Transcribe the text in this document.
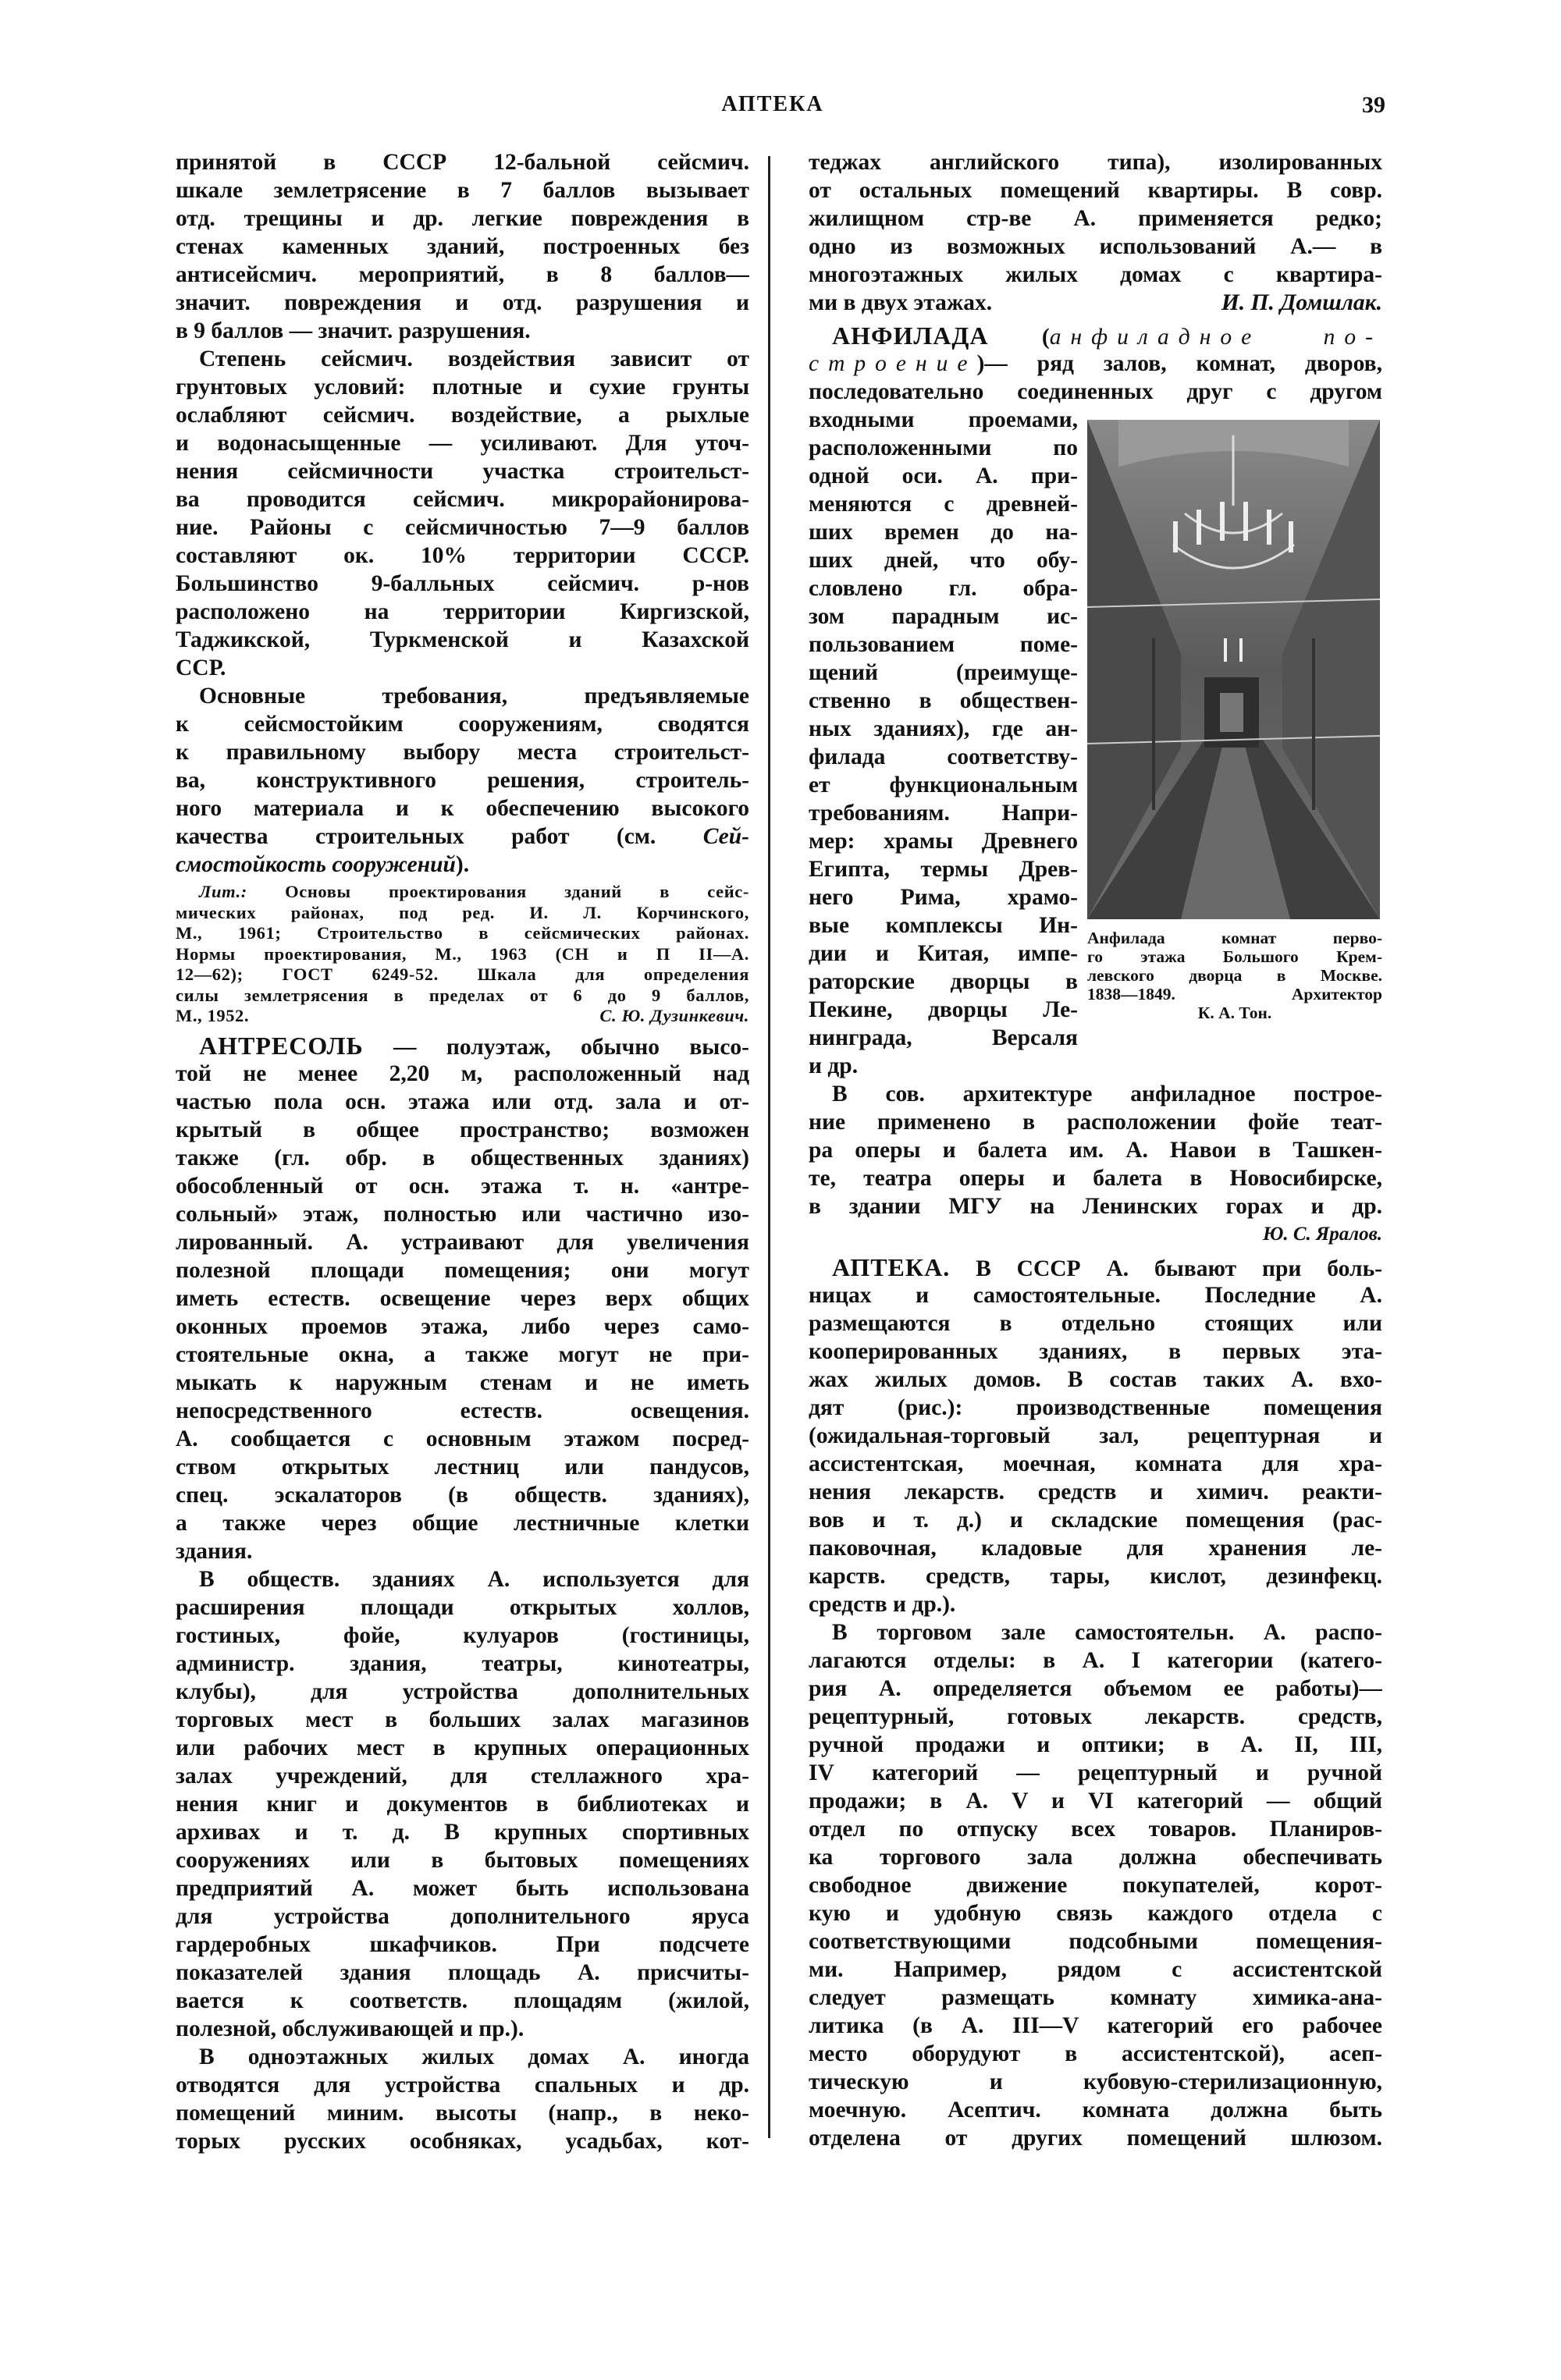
АПТЕКА	39
принятой в СССР 12-бальной сейсмич.
шкале землетрясение в 7 баллов вызывает
отд. трещины и др. легкие повреждения в
стенах каменных зданий, построенных без
антисейсмич. мероприятий, в 8 баллов—
значит. повреждения и отд. разрушения и
в 9 баллов — значит. разрушения.
Степень сейсмич. воздействия зависит от
грунтовых условий: плотные и сухие грунты
ослабляют сейсмич. воздействие, а рыхлые
и водонасыщенные — усиливают. Для уточ-
нения сейсмичности участка строительст-
ва проводится сейсмич. микрорайонирова-
ние. Районы с сейсмичностью 7—9 баллов
составляют ок. 10% территории СССР.
Большинство 9-балльных сейсмич. р-нов
расположено на территории Киргизской,
Таджикской, Туркменской и Казахской
ССР.
Основные требования, предъявляемые
к сейсмостойким сооружениям, сводятся
к правильному выбору места строительст-
ва, конструктивного решения, строитель-
ного материала и к обеспечению высокого
качества строительных работ (см. Сей-
смостойкость сооружений).
Лит.: Основы проектирования зданий в сейс-
мических районах, под ред. И. Л. Корчинского,
М., 1961; Строительство в сейсмических районах.
Нормы проектирования, М., 1963 (СН и П II—А.
12—62); ГОСТ 6249-52. Шкала для определения
силы землетрясения в пределах от 6 до 9 баллов,
М., 1952.	С. Ю. Дузинкевич.
АНТРЕСОЛЬ — полуэтаж, обычно высо-
той не менее 2,20 м, расположенный над
частью пола осн. этажа или отд. зала и от-
крытый в общее пространство; возможен
также (гл. обр. в общественных зданиях)
обособленный от осн. этажа т. н. «антре-
сольный» этаж, полностью или частично изо-
лированный. А. устраивают для увеличения
полезной площади помещения; они могут
иметь естеств. освещение через верх общих
оконных проемов этажа, либо через само-
стоятельные окна, а также могут не при-
мыкать к наружным стенам и не иметь
непосредственного естеств. освещения.
А. сообщается с основным этажом посред-
ством открытых лестниц или пандусов,
спец. эскалаторов (в обществ. зданиях),
а также через общие лестничные клетки
здания.
В обществ. зданиях А. используется для
расширения площади открытых холлов,
гостиных, фойе, кулуаров (гостиницы,
администр. здания, театры, кинотеатры,
клубы), для устройства дополнительных
торговых мест в больших залах магазинов
или рабочих мест в крупных операционных
залах учреждений, для стеллажного хра-
нения книг и документов в библиотеках и
архивах и т. д. В крупных спортивных
сооружениях или в бытовых помещениях
предприятий А. может быть использована
для устройства дополнительного яруса
гардеробных шкафчиков. При подсчете
показателей здания площадь А. присчиты-
вается к соответств. площадям (жилой,
полезной, обслуживающей и пр.).
В одноэтажных жилых домах А. иногда
отводятся для устройства спальных и др.
помещений миним. высоты (напр., в неко-
торых русских особняках, усадьбах, кот-
теджах английского типа), изолированных
от остальных помещений квартиры. В совр.
жилищном стр-ве А. применяется редко;
одно из возможных использований А.— в
многоэтажных жилых домах с квартира-
ми в двух этажах.	И. П. Домшлак.
АНФИЛАДА (анфиладное по-
строение)— ряд залов, комнат, дворов,
последовательно соединенных друг с другом
входными проемами,
расположенными по
одной оси. А. при-
меняются с древней-
ших времен до на-
ших дней, что обу-
словлено гл. обра-
зом парадным ис-
пользованием поме-
щений (преимуще-
ственно в обществен-
ных зданиях), где ан-
филада соответству-
ет функциональным
требованиям. Напри-
мер: храмы Древнего
Египта, термы Древ-
него Рима, храмо-
вые комплексы Ин-
дии и Китая, импе-
раторские дворцы в
Пекине, дворцы Ле-
нинграда, Версаля
и др.
Анфилада комнат перво-
го этажа Большого Крем-
левского дворца в Москве.
1838—1849. Архитектор
К. А. Тон.
В сов. архитектуре анфиладное построе-
ние применено в расположении фойе теат-
ра оперы и балета им. А. Навои в Ташкен-
те, театра оперы и балета в Новосибирске,
в здании МГУ на Ленинских горах и др.
Ю. С. Яралов.
АПТЕКА. В СССР А. бывают при боль-
ницах и самостоятельные. Последние А.
размещаются в отдельно стоящих или
кооперированных зданиях, в первых эта-
жах жилых домов. В состав таких А. вхо-
дят (рис.): производственные помещения
(ожидальная-торговый зал, рецептурная и
ассистентская, моечная, комната для хра-
нения лекарств. средств и химич. реакти-
вов и т. д.) и складские помещения (рас-
паковочная, кладовые для хранения ле-
карств. средств, тары, кислот, дезинфекц.
средств и др.).
В торговом зале самостоятельн. А. распо-
лагаются отделы: в А. I категории (катего-
рия А. определяется объемом ее работы)—
рецептурный, готовых лекарств. средств,
ручной продажи и оптики; в А. II, III,
IV категорий — рецептурный и ручной
продажи; в А. V и VI категорий — общий
отдел по отпуску всех товаров. Планиров-
ка торгового зала должна обеспечивать
свободное движение покупателей, корот-
кую и удобную связь каждого отдела с
соответствующими подсобными помещения-
ми. Например, рядом с ассистентской
следует размещать комнату химика-ана-
литика (в А. III—V категорий его рабочее
место оборудуют в ассистентской), асеп-
тическую и кубовую-стерилизационную,
моечную. Асептич. комната должна быть
отделена от других помещений шлюзом.
